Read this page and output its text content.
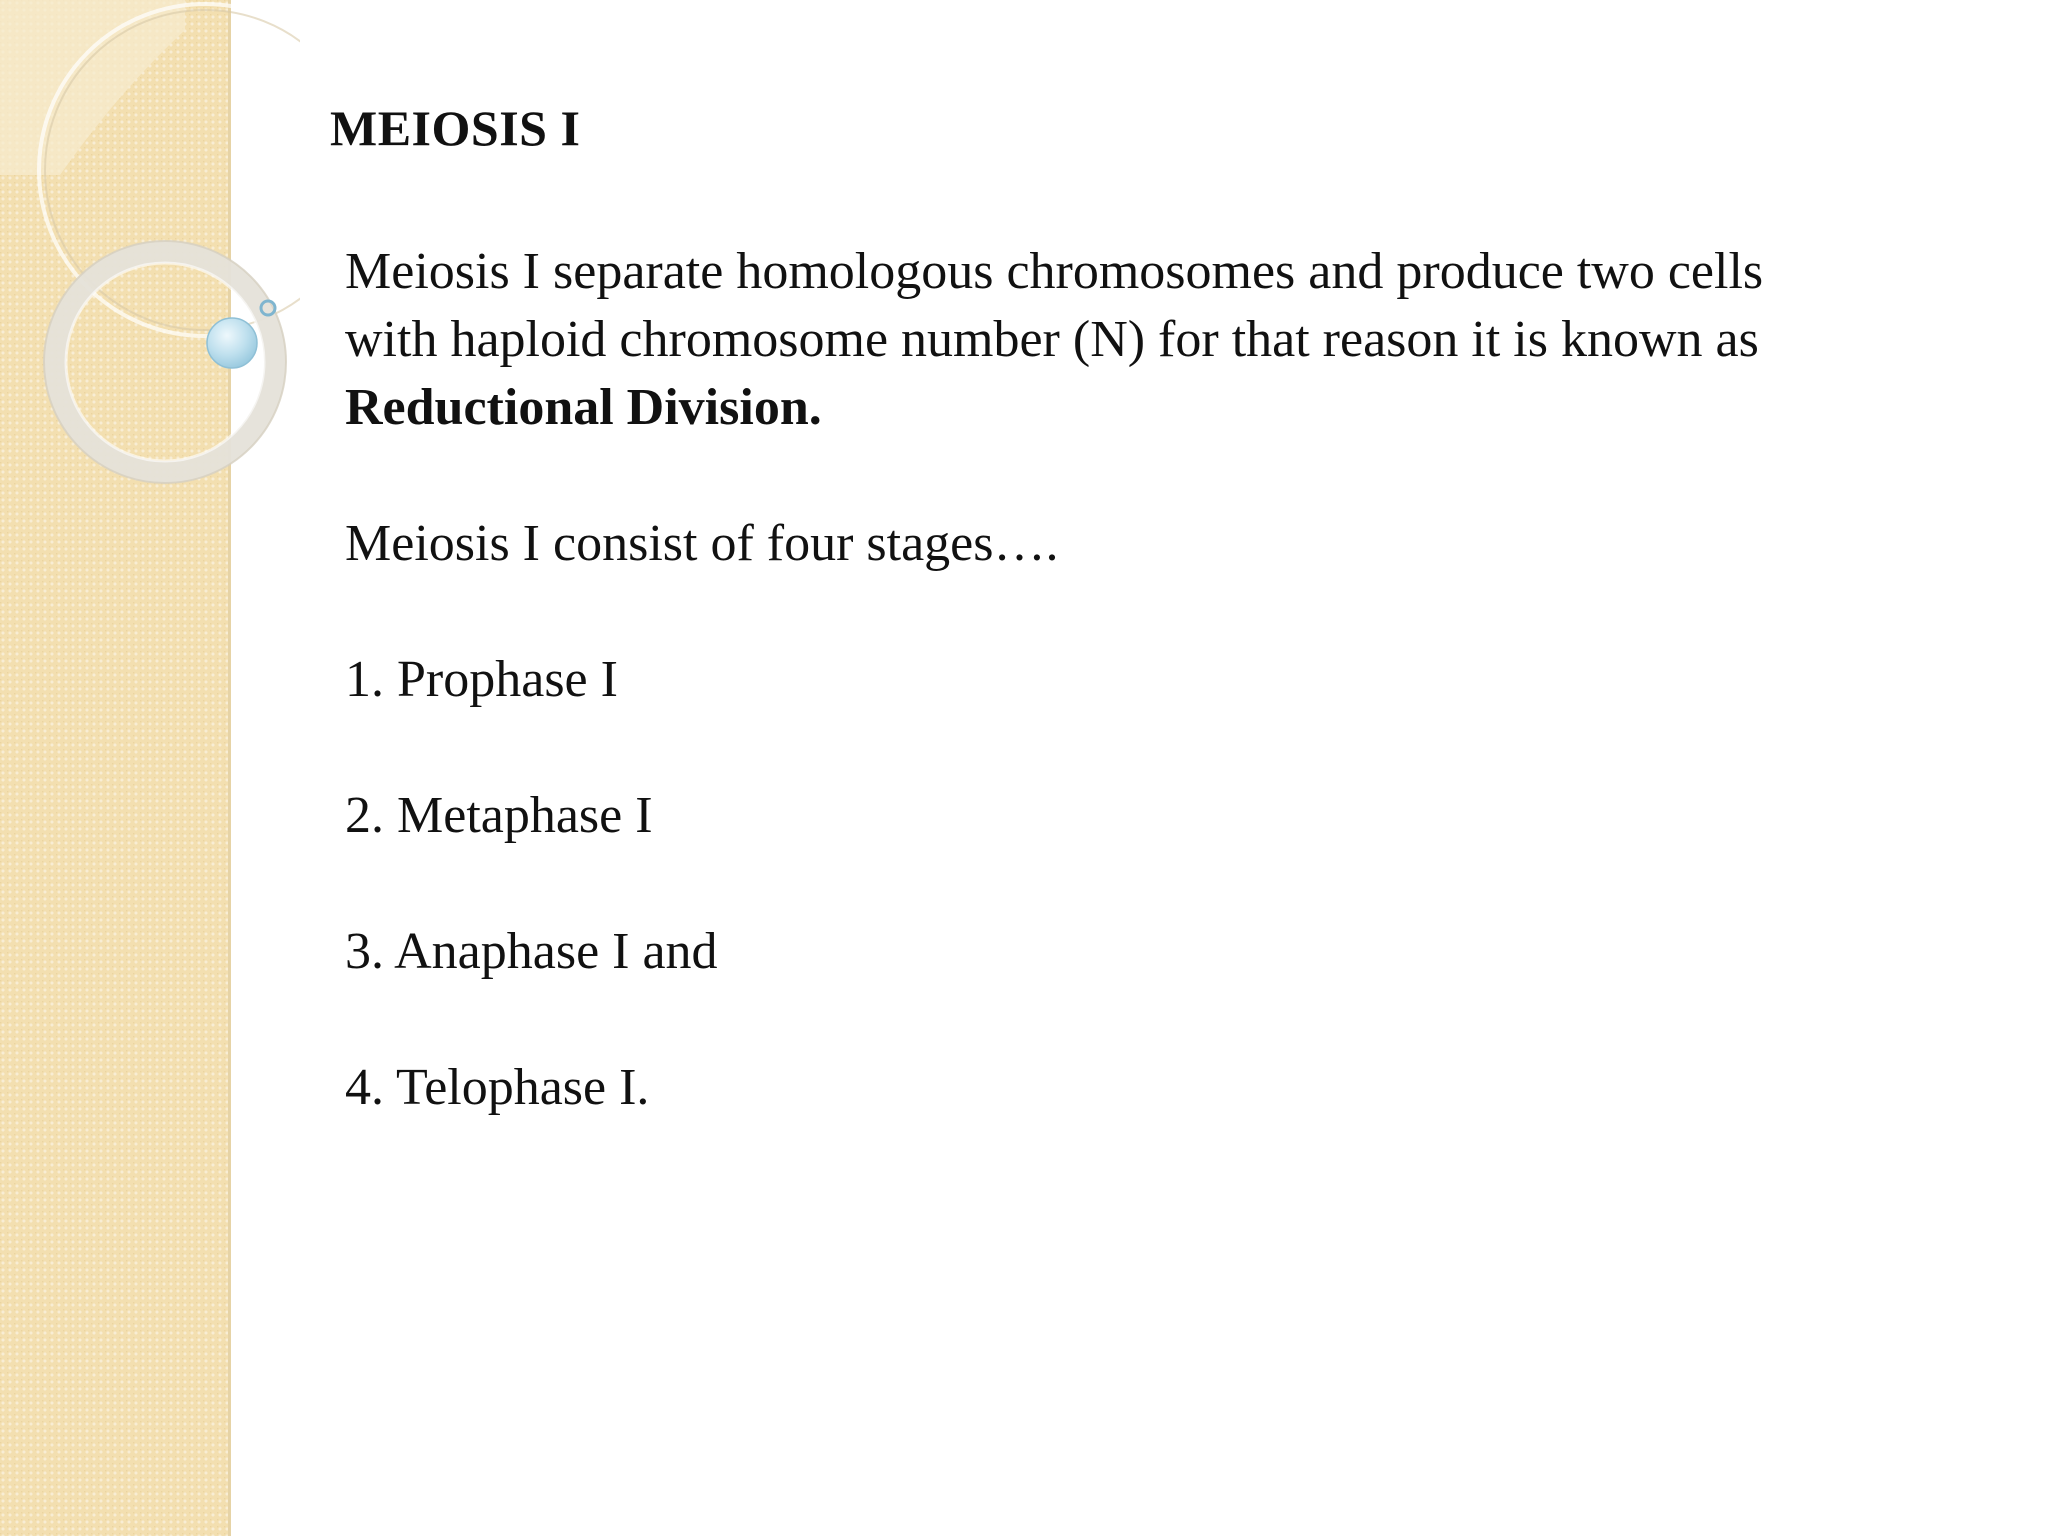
MEIOSIS I

Meiosis I separate homologous chromosomes and produce two cells with haploid chromosome number (N) for that reason it is known as Reductional Division.

Meiosis I consist of four stages….

1. Prophase I

2. Metaphase I

3. Anaphase I and

4. Telophase I.
